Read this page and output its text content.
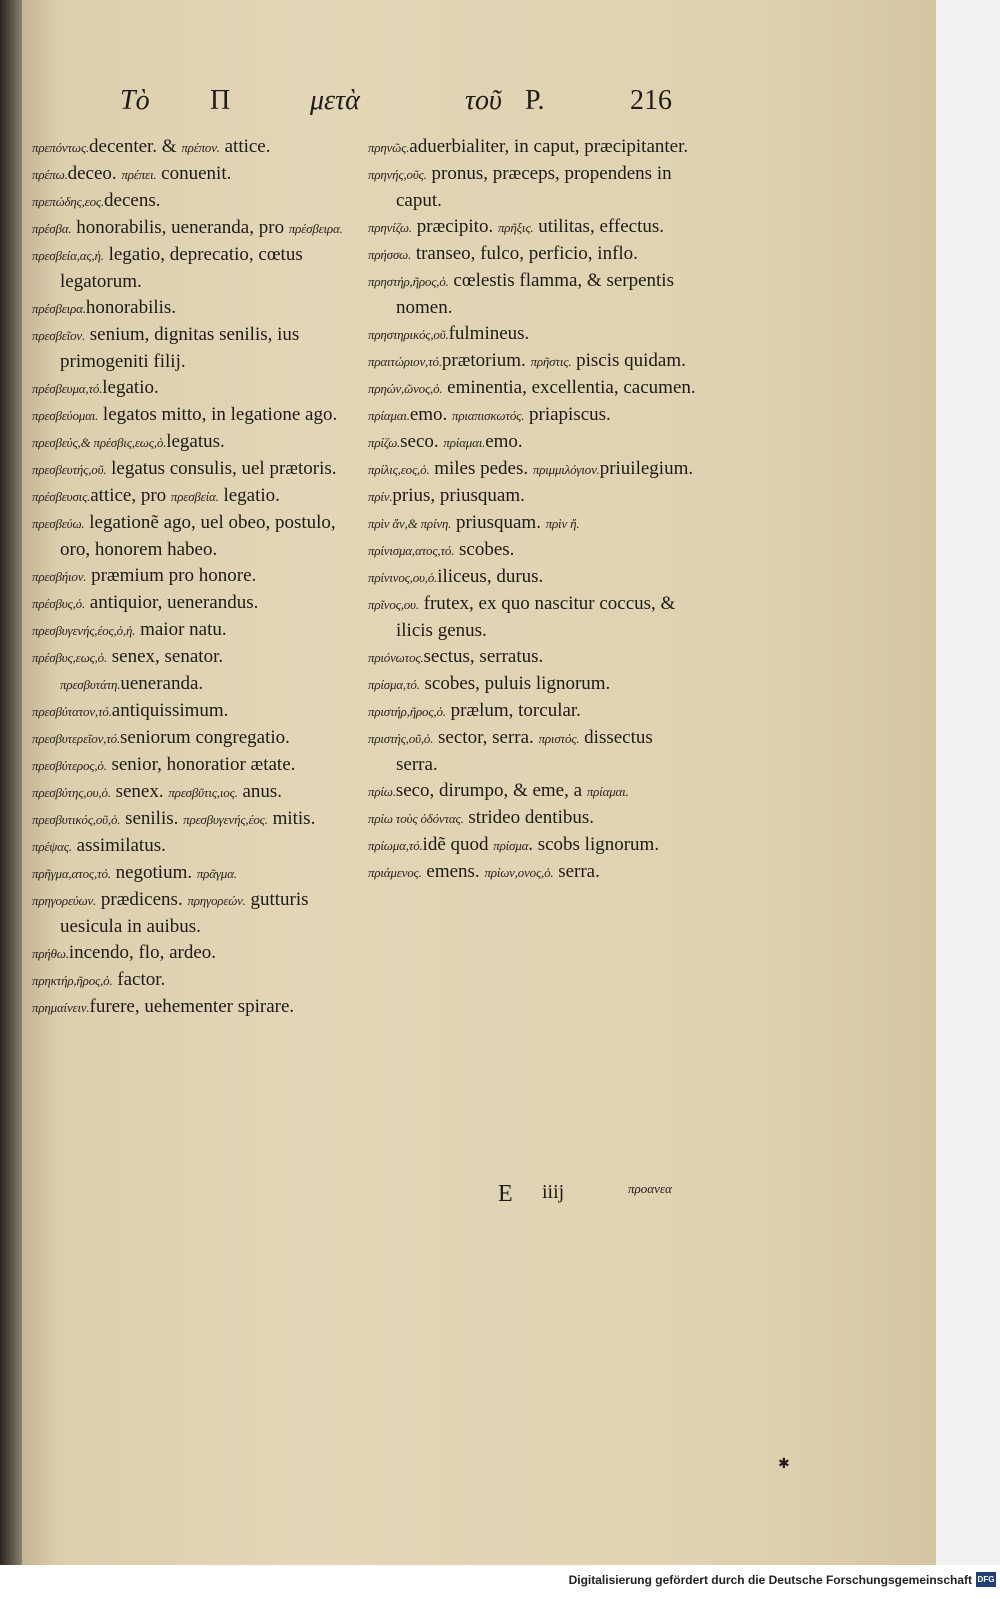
Τὸ Π	μετὰ	τοῦ Ρ.	216

πρεπόντως.decenter. & πρέπον. attice.

πρέπω.deceo. πρέπει. conuenit.

πρεπώδης,εος.decens.

πρέσβα. honorabilis, ueneranda, pro πρέσβειρα.

πρεσβεία,ας,ἡ. legatio, deprecatio, cœtus legatorum.

πρέσβειρα.honorabilis.

πρεσβεῖον. senium, dignitas senilis, ius primogeniti filij.

πρέσβευμα,τό.legatio.

πρεσβεύομαι. legatos mitto, in legatione ago.

πρεσβεύς,& πρέσβις,εως,ὁ.legatus.

πρεσβευτής,οῦ. legatus consulis, uel prætoris.

πρέσβευσις.attice, pro πρεσβεία. legatio.

πρεσβεύω. legationẽ ago, uel obeo, postulo, oro, honorem habeo.

πρεσβήιον. præmium pro honore.

πρέσβυς,ὁ. antiquior, uenerandus.

πρεσβυγενής,έος,ὁ,ἡ. maior natu.

πρέσβυς,εως,ὁ. senex, senator. πρεσβυτάτη.ueneranda.

πρεσβύτατον,τό.antiquissimum.

πρεσβυτερεῖον,τό.seniorum congregatio.

πρεσβύτερος,ὁ. senior, honoratior ætate.

πρεσβύτης,ου,ὁ. senex. πρεσβῦτις,ιος. anus.

πρεσβυτικός,οῦ,ὁ. senilis. πρεσβυγενής,έος. mitis.

πρέψας. assimilatus.

πρῆγμα,ατος,τό. negotium. πρᾶγμα.

πρηγορεύων. prædicens. πρηγορεών. gutturis uesicula in auibus.

πρήθω.incendo, flo, ardeo.

πρηκτήρ,ῆρος,ὁ. factor.

πρημαίνειν.furere, uehementer spirare.

πρηνῶς.aduerbialiter, in caput, præcipitanter.

πρηνής,οῦς. pronus, præceps, propendens in caput.

πρηνίζω. præcipito. πρῆξις. utilitas, effectus.

πρήσσω. transeo, fulco, perficio, inflo.

πρηστήρ,ῆρος,ὁ. cœlestis flamma, & serpentis nomen.

πρηστηρικός,οῦ.fulmineus.

πραιτώριον,τό.prætorium. πρῆστις. piscis quidam.

πρηών,ῶνος,ὁ. eminentia, excellentia, cacumen.

πρίαμαι.emo. πριαπισκωτός. priapiscus.

πρίζω.seco. πρίαμαι.emo.

πρίλις,εος,ὁ. miles pedes. πριμμιλόγιον.priuilegium.

πρίν.prius, priusquam.

πρὶν ἄν,& πρίνη. priusquam. πρὶν ἤ.

πρίνισμα,ατος,τό. scobes.

πρίνινος,ου,ὁ.iliceus, durus.

πρῖνος,ου. frutex, ex quo nascitur coccus, & ilicis genus.

πριόνωτος.sectus, serratus.

πρίσμα,τό. scobes, puluis lignorum.

πριστήρ,ῆρος,ὁ. prælum, torcular.

πριστής,οῦ,ὁ. sector, serra. πριστός. dissectus serra.

πρίω.seco, dirumpo, & eme, a πρίαμαι.

πρίω τοὺς ὀδόντας. strideo dentibus.

πρίωμα,τό.idẽ quod πρίσμα. scobs lignorum.

πριάμενος. emens. πρίων,ονος,ὁ. serra.

E iiij	προανεα
✱
Digitalisierung gefördert durch die Deutsche Forschungsgemeinschaft DFG
